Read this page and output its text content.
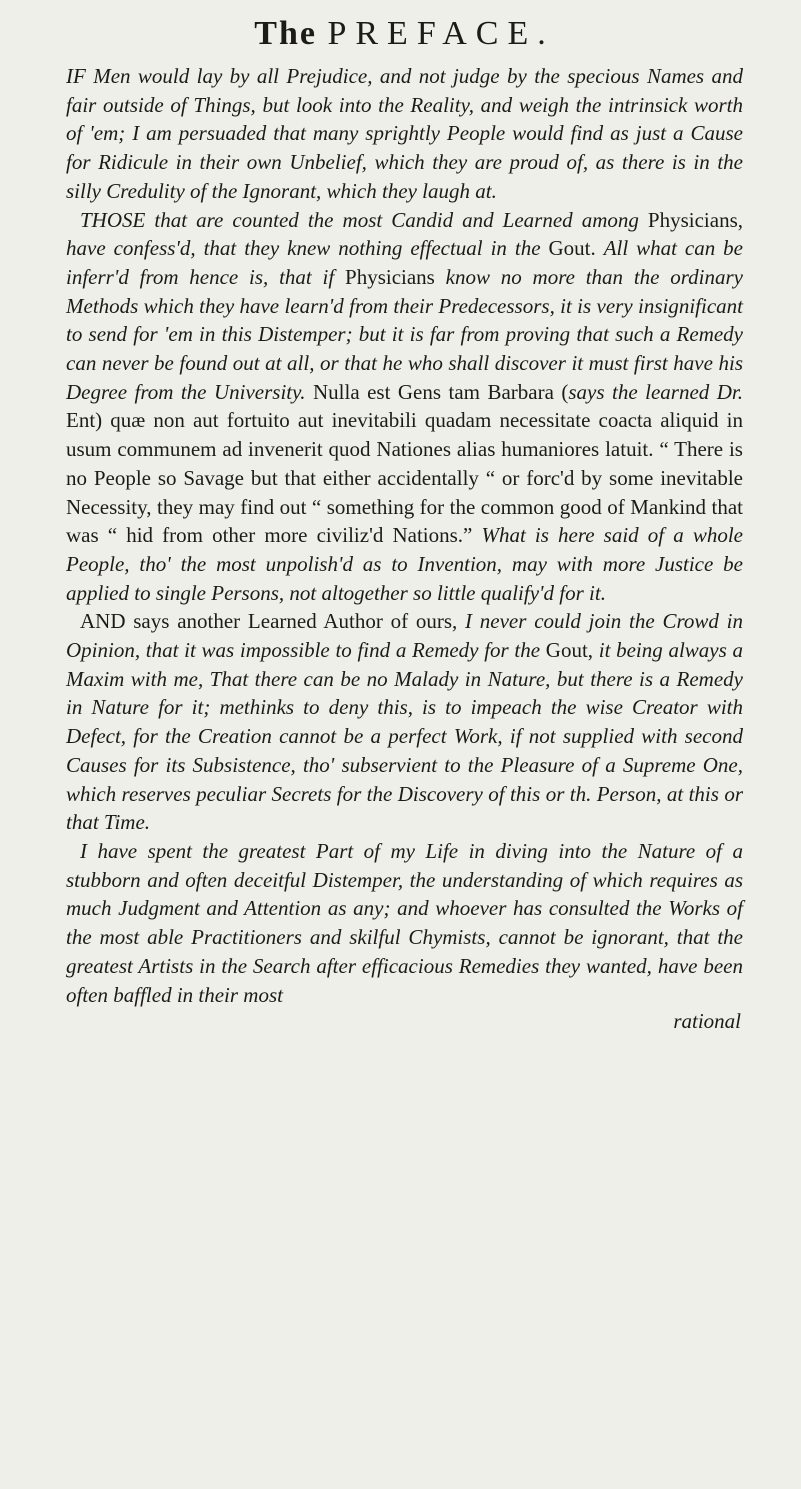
The PREFACE.

IF Men would lay by all Prejudice, and not judge by the specious Names and fair outside of Things, but look into the Reality, and weigh the intrinsick worth of 'em; I am persuaded that many sprightly People would find as just a Cause for Ridicule in their own Unbelief, which they are proud of, as there is in the silly Credulity of the Ignorant, which they laugh at.

THOSE that are counted the most Candid and Learned among Physicians, have confess'd, that they knew nothing effectual in the Gout. All what can be inferr'd from hence is, that if Physicians know no more than the ordinary Methods which they have learn'd from their Predecessors, it is very insignificant to send for 'em in this Distemper; but it is far from proving that such a Remedy can never be found out at all, or that he who shall discover it must first have his Degree from the University. Nulla est Gens tam Barbara (says the learned Dr. Ent) quæ non aut fortuito aut inevitabili quadam necessitate coacta aliquid in usum communem ad invenerit quod Nationes alias humaniores latuit. “ There is no People so Savage but that either accidentally “ or forc'd by some inevitable Necessity, they may find out “ something for the common good of Mankind that was “ hid from other more civiliz'd Nations.” What is here said of a whole People, tho' the most unpolish'd as to Invention, may with more Justice be applied to single Persons, not altogether so little qualify'd for it.

AND says another Learned Author of ours, I never could join the Crowd in Opinion, that it was impossible to find a Remedy for the Gout, it being always a Maxim with me, That there can be no Malady in Nature, but there is a Remedy in Nature for it; methinks to deny this, is to impeach the wise Creator with Defect, for the Creation cannot be a perfect Work, if not supplied with second Causes for its Subsistence, tho' subservient to the Pleasure of a Supreme One, which reserves peculiar Secrets for the Discovery of this or th. Person, at this or that Time.

I have spent the greatest Part of my Life in diving into the Nature of a stubborn and often deceitful Distemper, the understanding of which requires as much Judgment and Attention as any; and whoever has consulted the Works of the most able Practitioners and skilful Chymists, cannot be ignorant, that the greatest Artists in the Search after efficacious Remedies they wanted, have been often baffled in their most

rational
